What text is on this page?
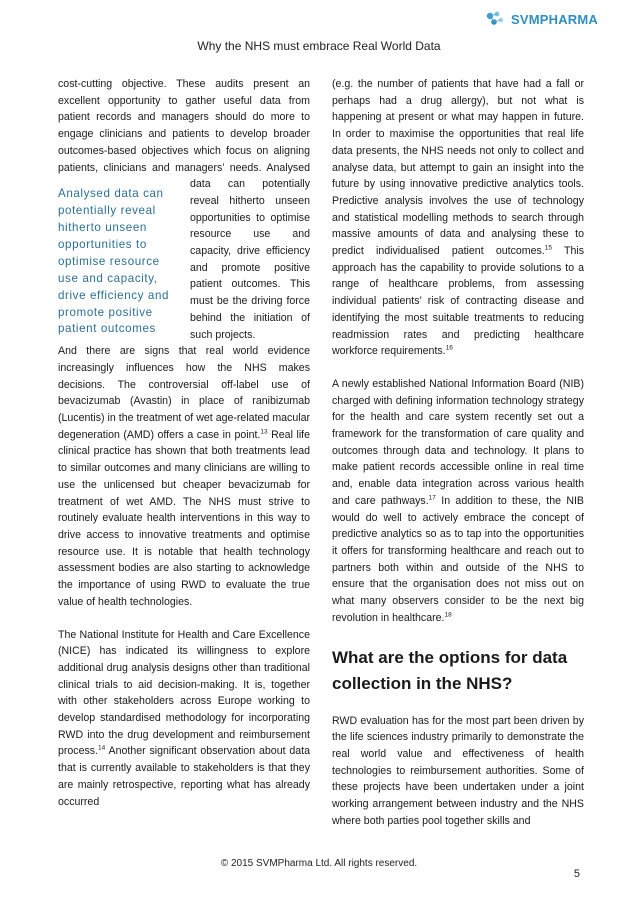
SVMPHARMA
Why the NHS must embrace Real World Data

cost-cutting objective. These audits present an excellent opportunity to gather useful data from patient records and managers should do more to engage clinicians and patients to develop broader outcomes-based objectives which focus on aligning patients, clinicians and managers’

Analysed data can potentially reveal hitherto unseen opportunities to optimise resource use and capacity, drive efficiency and promote positive patient outcomes

needs. Analysed data can potentially reveal hitherto unseen opportunities to optimise resource use and capacity, drive efficiency and promote positive patient outcomes. This must be the driving force behind the initiation of such projects.

And there are signs that real world evidence increasingly influences how the NHS makes decisions. The controversial off-label use of bevacizumab (Avastin) in place of ranibizumab (Lucentis) in the treatment of wet age-related macular degeneration (AMD) offers a case in point.$^{13}$ Real life clinical practice has shown that both treatments lead to similar outcomes and many clinicians are willing to use the unlicensed but cheaper bevacizumab for treatment of wet AMD. The NHS must strive to routinely evaluate health interventions in this way to drive access to innovative treatments and optimise resource use. It is notable that health technology assessment bodies are also starting to acknowledge the importance of using RWD to evaluate the true value of health technologies.

The National Institute for Health and Care Excellence (NICE) has indicated its willingness to explore additional drug analysis designs other than traditional clinical trials to aid decision-making. It is, together with other stakeholders across Europe working to develop standardised methodology for incorporating RWD into the drug development and reimbursement process.$^{14}$ Another significant observation about data that is currently available to stakeholders is that they are mainly retrospective, reporting what has already occurred

(e.g. the number of patients that have had a fall or perhaps had a drug allergy), but not what is happening at present or what may happen in future. In order to maximise the opportunities that real life data presents, the NHS needs not only to collect and analyse data, but attempt to gain an insight into the future by using innovative predictive analytics tools. Predictive analysis involves the use of technology and statistical modelling methods to search through massive amounts of data and analysing these to predict individualised patient outcomes.$^{15}$ This approach has the capability to provide solutions to a range of healthcare problems, from assessing individual patients’ risk of contracting disease and identifying the most suitable treatments to reducing readmission rates and predicting healthcare workforce requirements.$^{16}$

A newly established National Information Board (NIB) charged with defining information technology strategy for the health and care system recently set out a framework for the transformation of care quality and outcomes through data and technology. It plans to make patient records accessible online in real time and, enable data integration across various health and care pathways.$^{17}$ In addition to these, the NIB would do well to actively embrace the concept of predictive analytics so as to tap into the opportunities it offers for transforming healthcare and reach out to partners both within and outside of the NHS to ensure that the organisation does not miss out on what many observers consider to be the next big revolution in healthcare.$^{18}$

What are the options for data collection in the NHS?

RWD evaluation has for the most part been driven by the life sciences industry primarily to demonstrate the real world value and effectiveness of health technologies to reimbursement authorities. Some of these projects have been undertaken under a joint working arrangement between industry and the NHS where both parties pool together skills and

© 2015 SVMPharma Ltd. All rights reserved.
5
